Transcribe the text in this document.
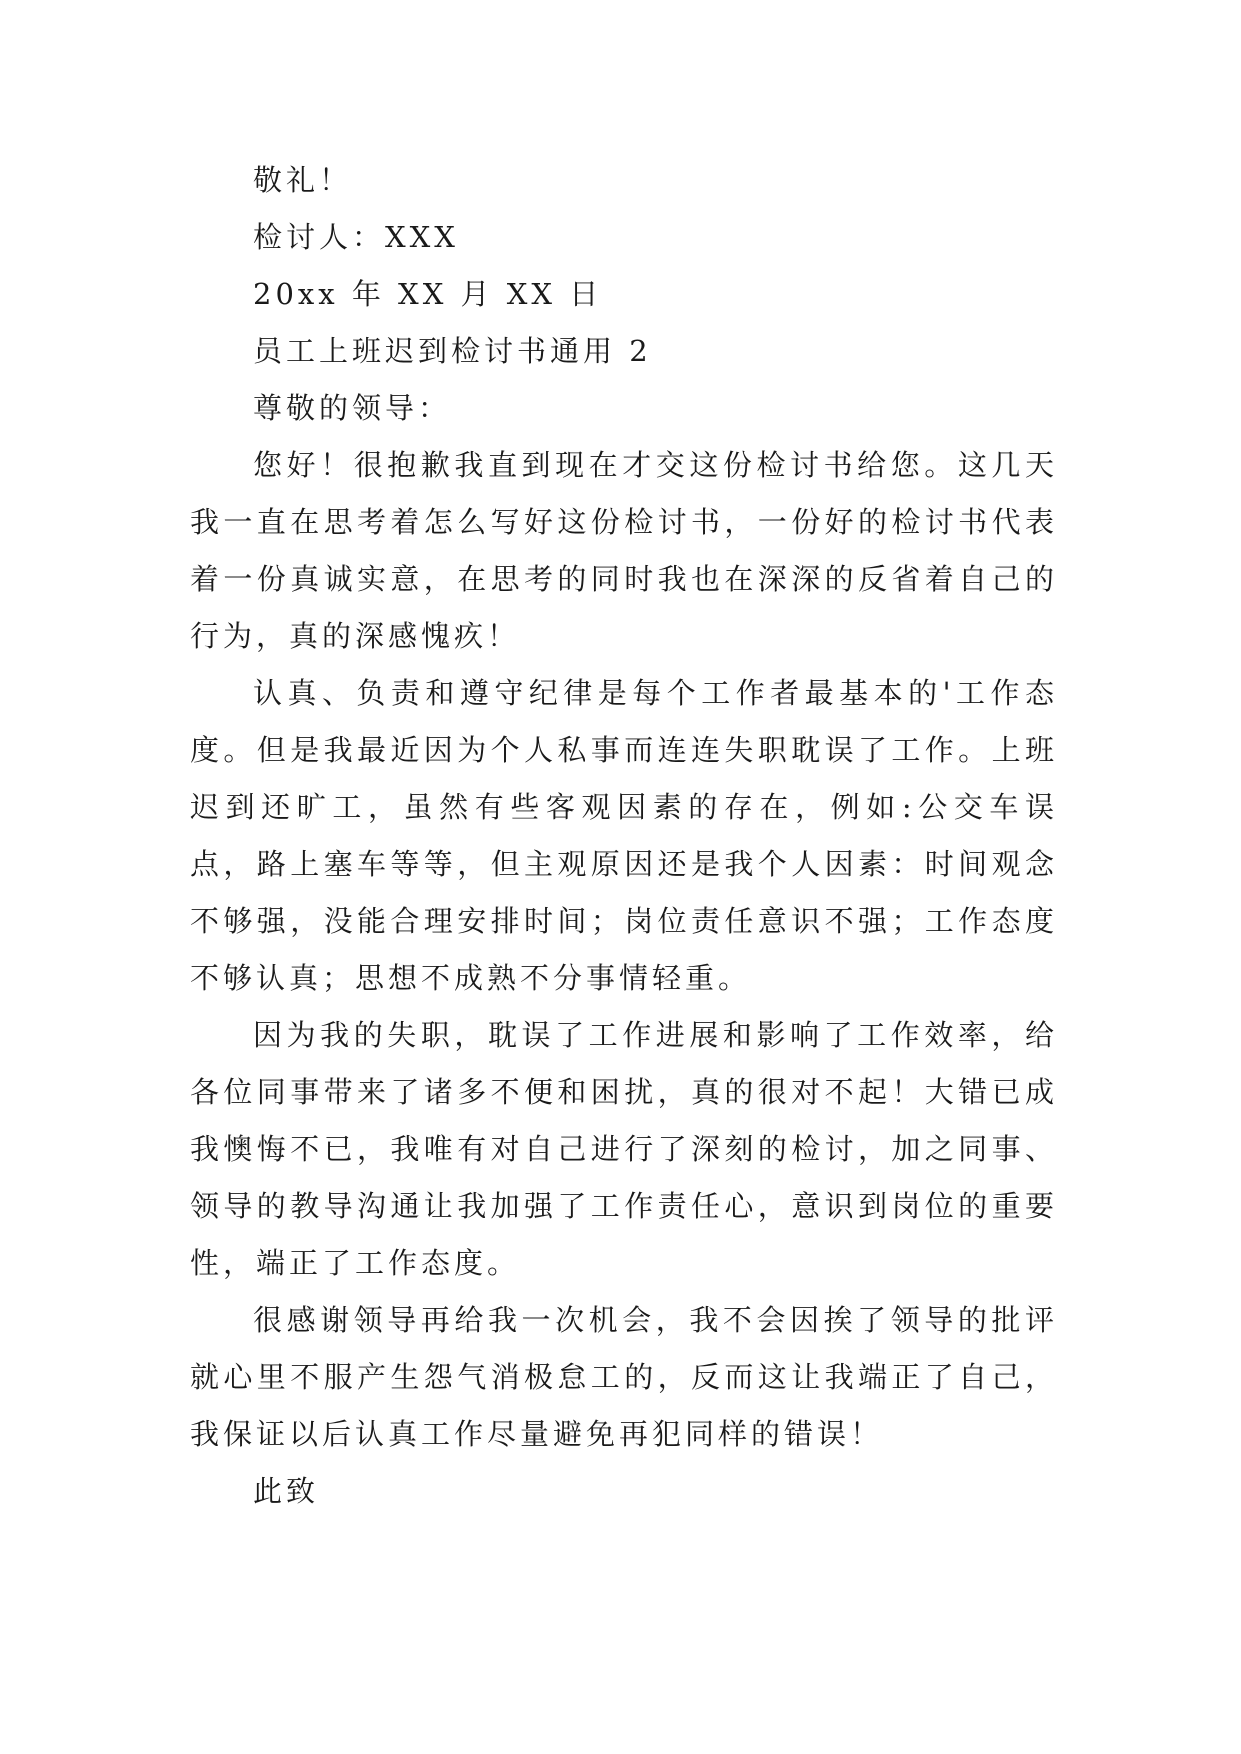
敬礼！

检讨人：XXX

20xx 年 XX 月 XX 日

员工上班迟到检讨书通用 2

尊敬的领导：

您好！很抱歉我直到现在才交这份检讨书给您。这几天我一直在思考着怎么写好这份检讨书，一份好的检讨书代表着一份真诚实意，在思考的同时我也在深深的反省着自己的行为，真的深感愧疚！

认真、负责和遵守纪律是每个工作者最基本的'工作态度。但是我最近因为个人私事而连连失职耽误了工作。上班迟到还旷工，虽然有些客观因素的存在，例如:公交车误点，路上塞车等等，但主观原因还是我个人因素：时间观念不够强，没能合理安排时间；岗位责任意识不强；工作态度不够认真；思想不成熟不分事情轻重。

因为我的失职，耽误了工作进展和影响了工作效率，给各位同事带来了诸多不便和困扰，真的很对不起！大错已成我懊悔不已，我唯有对自己进行了深刻的检讨，加之同事、领导的教导沟通让我加强了工作责任心，意识到岗位的重要性，端正了工作态度。

很感谢领导再给我一次机会，我不会因挨了领导的批评就心里不服产生怨气消极怠工的，反而这让我端正了自己，我保证以后认真工作尽量避免再犯同样的错误！

此致
